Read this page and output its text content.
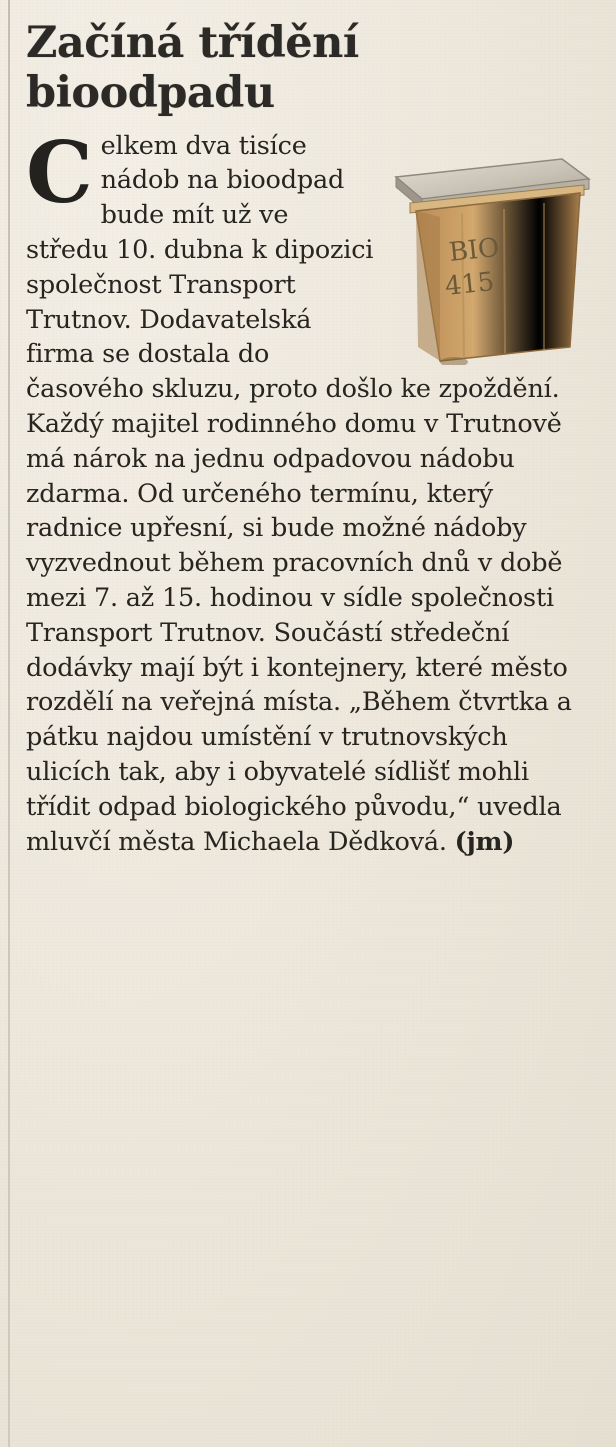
Začíná třídění
bioodpadu
BIO
415
C elkem dva tisíce nádob na bioodpad bude mít už ve středu 10. dubna k dipozici společnost Transport Trutnov. Dodavatelská firma se dostala do časového skluzu, proto došlo ke zpoždění. Každý majitel rodinného domu v Trutnově má nárok na jednu odpadovou nádobu zdarma. Od určeného termínu, který radnice upřesní, si bude možné nádoby vyzvednout během pracovních dnů v době mezi 7. až 15. hodinou v sídle společnosti Transport Trutnov. Součástí středeční dodávky mají být i kontejnery, které město rozdělí na veřejná místa. „Během čtvrtka a pátku najdou umístění v trutnovských ulicích tak, aby i obyvatelé sídlišť mohli třídit odpad biologického původu,“ uvedla mluvčí města Michaela Dědková. (jm)
